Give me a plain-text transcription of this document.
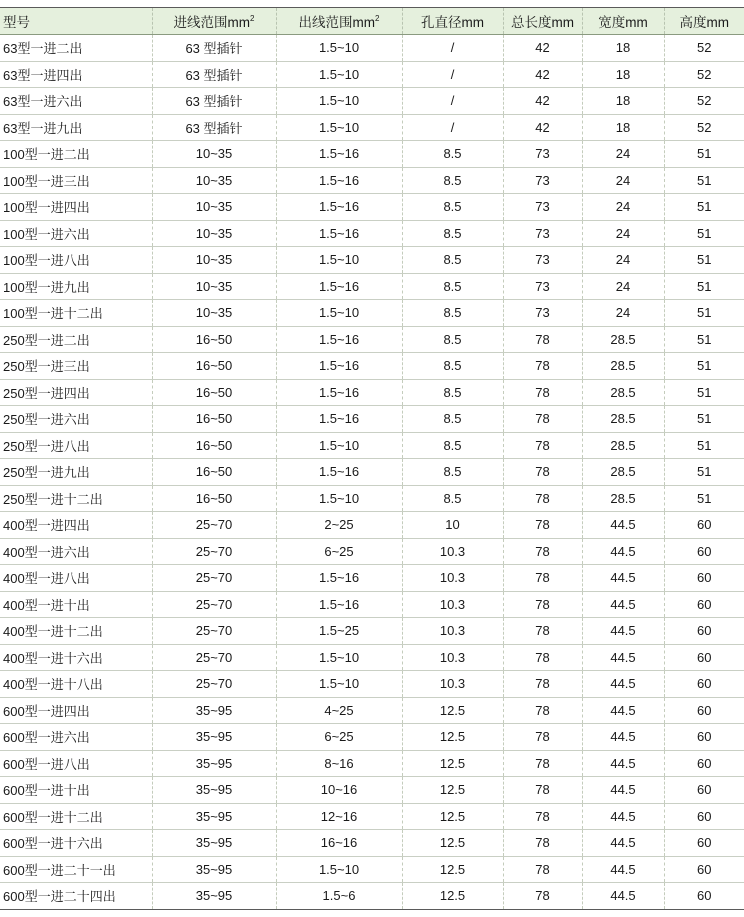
型号	进线范围$mm^2$	出线范围$mm^2$	孔直径mm	总长度mm	宽度mm	高度mm
63型一进二出	63 型插针	1.5~10	/	42	18	52
63型一进四出	63 型插针	1.5~10	/	42	18	52
63型一进六出	63 型插针	1.5~10	/	42	18	52
63型一进九出	63 型插针	1.5~10	/	42	18	52
100型一进二出	10~35	1.5~16	8.5	73	24	51
100型一进三出	10~35	1.5~16	8.5	73	24	51
100型一进四出	10~35	1.5~16	8.5	73	24	51
100型一进六出	10~35	1.5~16	8.5	73	24	51
100型一进八出	10~35	1.5~10	8.5	73	24	51
100型一进九出	10~35	1.5~16	8.5	73	24	51
100型一进十二出	10~35	1.5~10	8.5	73	24	51
250型一进二出	16~50	1.5~16	8.5	78	28.5	51
250型一进三出	16~50	1.5~16	8.5	78	28.5	51
250型一进四出	16~50	1.5~16	8.5	78	28.5	51
250型一进六出	16~50	1.5~16	8.5	78	28.5	51
250型一进八出	16~50	1.5~10	8.5	78	28.5	51
250型一进九出	16~50	1.5~16	8.5	78	28.5	51
250型一进十二出	16~50	1.5~10	8.5	78	28.5	51
400型一进四出	25~70	2~25	10	78	44.5	60
400型一进六出	25~70	6~25	10.3	78	44.5	60
400型一进八出	25~70	1.5~16	10.3	78	44.5	60
400型一进十出	25~70	1.5~16	10.3	78	44.5	60
400型一进十二出	25~70	1.5~25	10.3	78	44.5	60
400型一进十六出	25~70	1.5~10	10.3	78	44.5	60
400型一进十八出	25~70	1.5~10	10.3	78	44.5	60
600型一进四出	35~95	4~25	12.5	78	44.5	60
600型一进六出	35~95	6~25	12.5	78	44.5	60
600型一进八出	35~95	8~16	12.5	78	44.5	60
600型一进十出	35~95	10~16	12.5	78	44.5	60
600型一进十二出	35~95	12~16	12.5	78	44.5	60
600型一进十六出	35~95	16~16	12.5	78	44.5	60
600型一进二十一出	35~95	1.5~10	12.5	78	44.5	60
600型一进二十四出	35~95	1.5~6	12.5	78	44.5	60
